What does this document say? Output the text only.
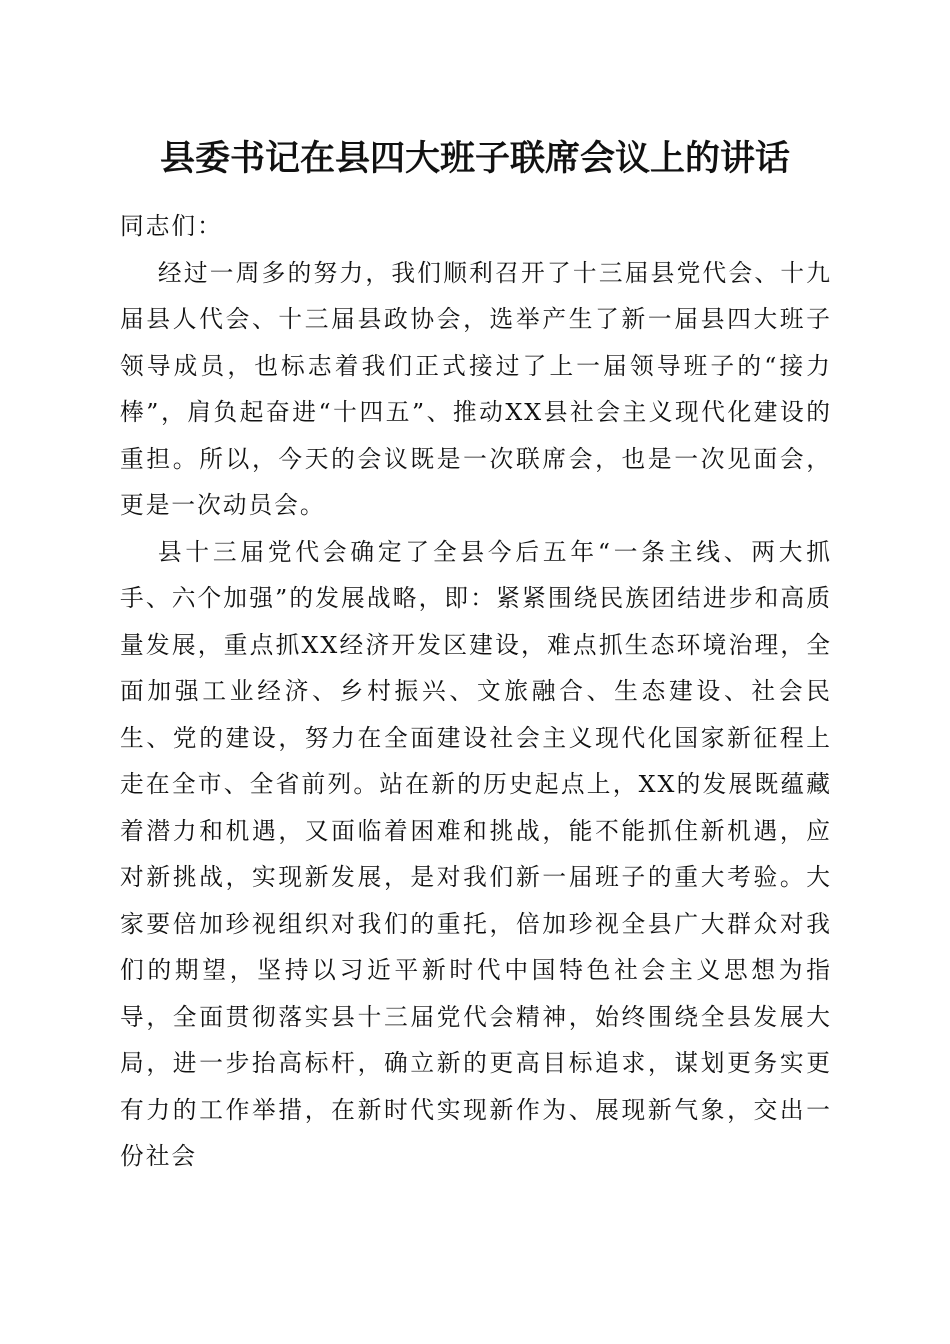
县委书记在县四大班子联席会议上的讲话

同志们：

经过一周多的努力，我们顺利召开了十三届县党代会、十九届县人代会、十三届县政协会，选举产生了新一届县四大班子领导成员，也标志着我们正式接过了上一届领导班子的“接力棒”，肩负起奋进“十四五”、推动XX县社会主义现代化建设的重担。所以，今天的会议既是一次联席会，也是一次见面会，更是一次动员会。

县十三届党代会确定了全县今后五年“一条主线、两大抓手、六个加强”的发展战略，即：紧紧围绕民族团结进步和高质量发展，重点抓XX经济开发区建设，难点抓生态环境治理，全面加强工业经济、乡村振兴、文旅融合、生态建设、社会民生、党的建设，努力在全面建设社会主义现代化国家新征程上走在全市、全省前列。站在新的历史起点上，XX的发展既蕴藏着潜力和机遇，又面临着困难和挑战，能不能抓住新机遇，应对新挑战，实现新发展，是对我们新一届班子的重大考验。大家要倍加珍视组织对我们的重托，倍加珍视全县广大群众对我们的期望，坚持以习近平新时代中国特色社会主义思想为指导，全面贯彻落实县十三届党代会精神，始终围绕全县发展大局，进一步抬高标杆，确立新的更高目标追求，谋划更务实更有力的工作举措，在新时代实现新作为、展现新气象，交出一份社会
